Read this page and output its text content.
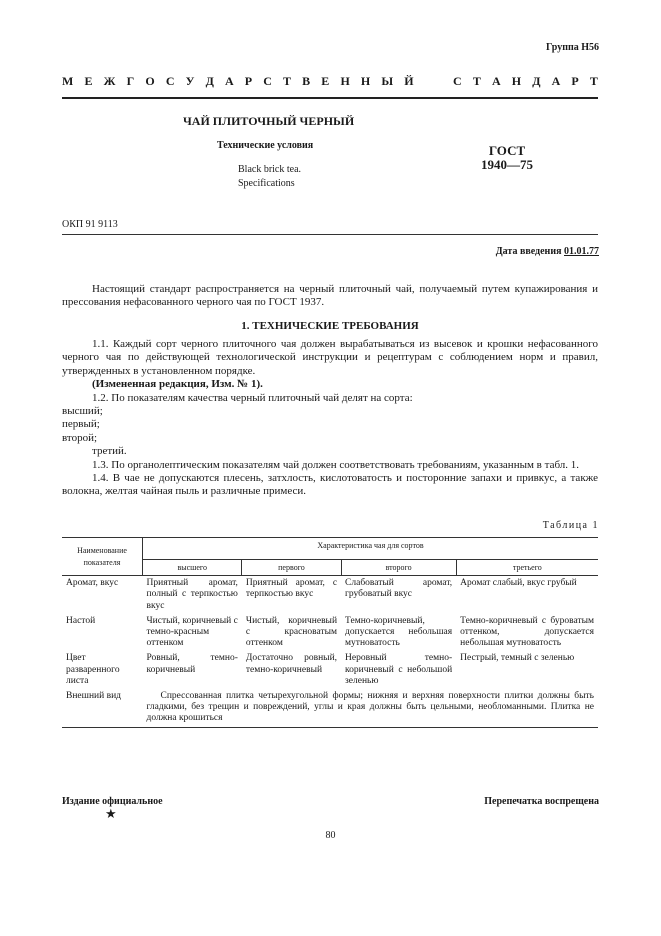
Группа Н56
М Е Ж Г О С У Д А Р С Т В Е Н Н Ы Й

	С Т А Н Д А Р Т
ЧАЙ ПЛИТОЧНЫЙ ЧЕРНЫЙ
Технические условия
Black brick tea.
Specifications
ГОСТ
1940—75
ОКП 91 9113
Дата введения 01.01.77

Настоящий стандарт распространяется на черный плиточный чай, получаемый путем купажирования и прессования нефасованного черного чая по ГОСТ 1937.

1. ТЕХНИЧЕСКИЕ ТРЕБОВАНИЯ

1.1. Каждый сорт черного плиточного чая должен вырабатываться из высевок и крошки нефасованного черного чая по действующей технологической инструкции и рецептурам с соблюдением норм и правил, утвержденных в установленном порядке.

(Измененная редакция, Изм. № 1).

1.2. По показателям качества черный плиточный чай делят на сорта:

высший;

первый;

второй;

третий.

1.3. По органолептическим показателям чай должен соответствовать требованиям, указанным в табл. 1.

1.4. В чае не допускаются плесень, затхлость, кислотоватость и посторонние запахи и привкус, а также волокна, желтая чайная пыль и различные примеси.

Таблица 1
Наименование показателя	Характеристика чая для сортов			
	высшего	первого	второго	третьего
Аромат, вкус	Приятный аромат, полный с терпкостью вкус	Приятный аромат, с терпкостью вкус	Слабоватый аромат, грубоватый вкус	Аромат слабый, вкус грубый
Настой	Чистый, коричневый с темно-красным оттенком	Чистый, коричневый с красноватым оттенком	Темно-коричневый, допускается небольшая мутноватость	Темно-коричневый с буроватым оттенком, допускается небольшая мутноватость
Цвет разваренного листа	Ровный, темно-коричневый	Достаточно ровный, темно-коричневый	Неровный темно-коричневый с небольшой зеленью	Пестрый, темный с зеленью
Внешний вид	Спрессованная плитка четырехугольной формы; нижняя и верхняя поверхности плитки должны быть гладкими, без трещин и повреждений, углы и края должны быть цельными, необломанными. Плитка не должна крошиться			
Издание официальное
★
Перепечатка воспрещена
80
